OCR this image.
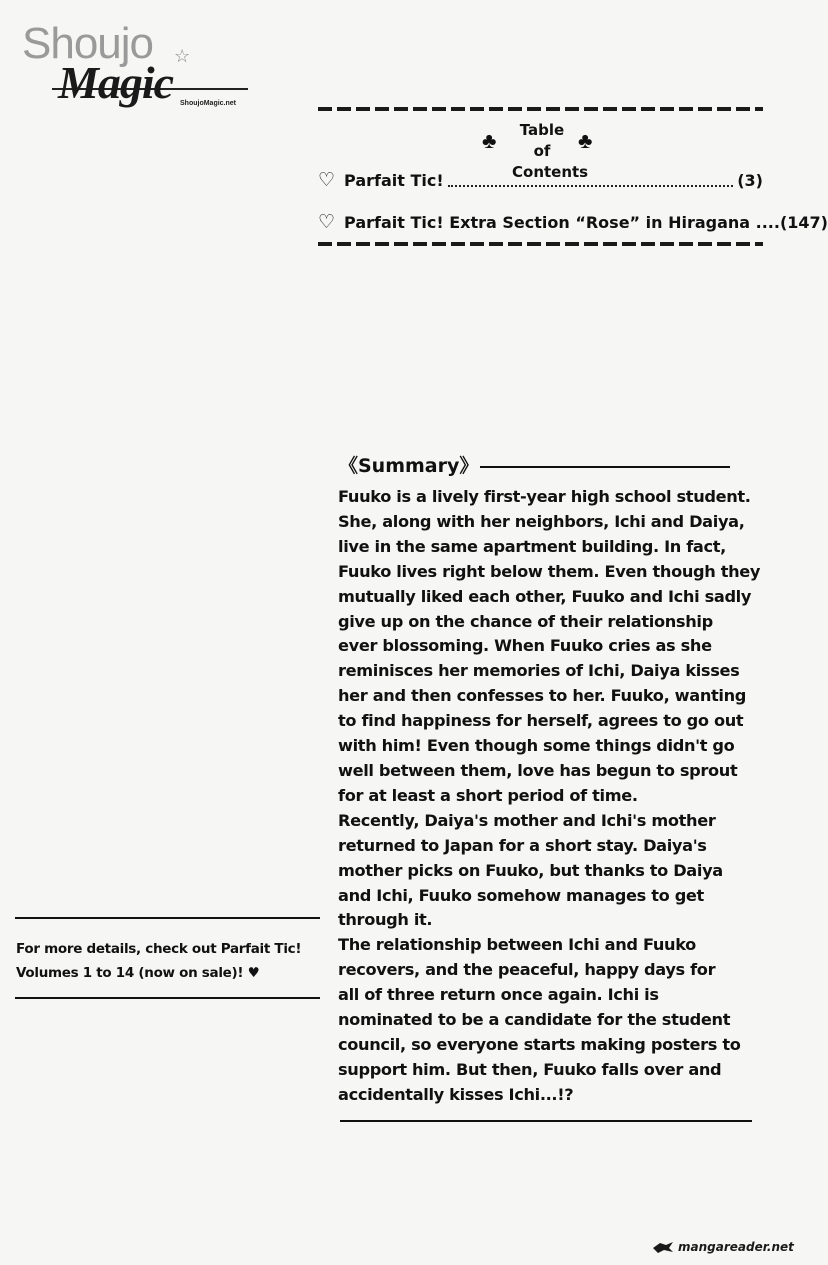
Shoujo ☆
Magic ShoujoMagic.net
♣	Table of
Contents
♣
♡ Parfait Tic!	(3)
♡ Parfait Tic! Extra Section “Rose” in Hiragana .... (147)
《Summary》

Fuuko is a lively first-year high school student.

She, along with her neighbors, Ichi and Daiya,

live in the same apartment building. In fact,

Fuuko lives right below them. Even though they

mutually liked each other, Fuuko and Ichi sadly

give up on the chance of their relationship

ever blossoming. When Fuuko cries as she

reminisces her memories of Ichi, Daiya kisses

her and then confesses to her. Fuuko, wanting

to find happiness for herself, agrees to go out

with him! Even though some things didn't go

well between them, love has begun to sprout

for at least a short period of time.

Recently, Daiya's mother and Ichi's mother

returned to Japan for a short stay. Daiya's

mother picks on Fuuko, but thanks to Daiya

and Ichi, Fuuko somehow manages to get

through it.

The relationship between Ichi and Fuuko

recovers, and the peaceful, happy days for

all of three return once again. Ichi is

nominated to be a candidate for the student

council, so everyone starts making posters to

support him. But then, Fuuko falls over and

accidentally kisses Ichi...!?

For more details, check out Parfait Tic!

Volumes 1 to 14 (now on sale)! ♥

mangareader.net
